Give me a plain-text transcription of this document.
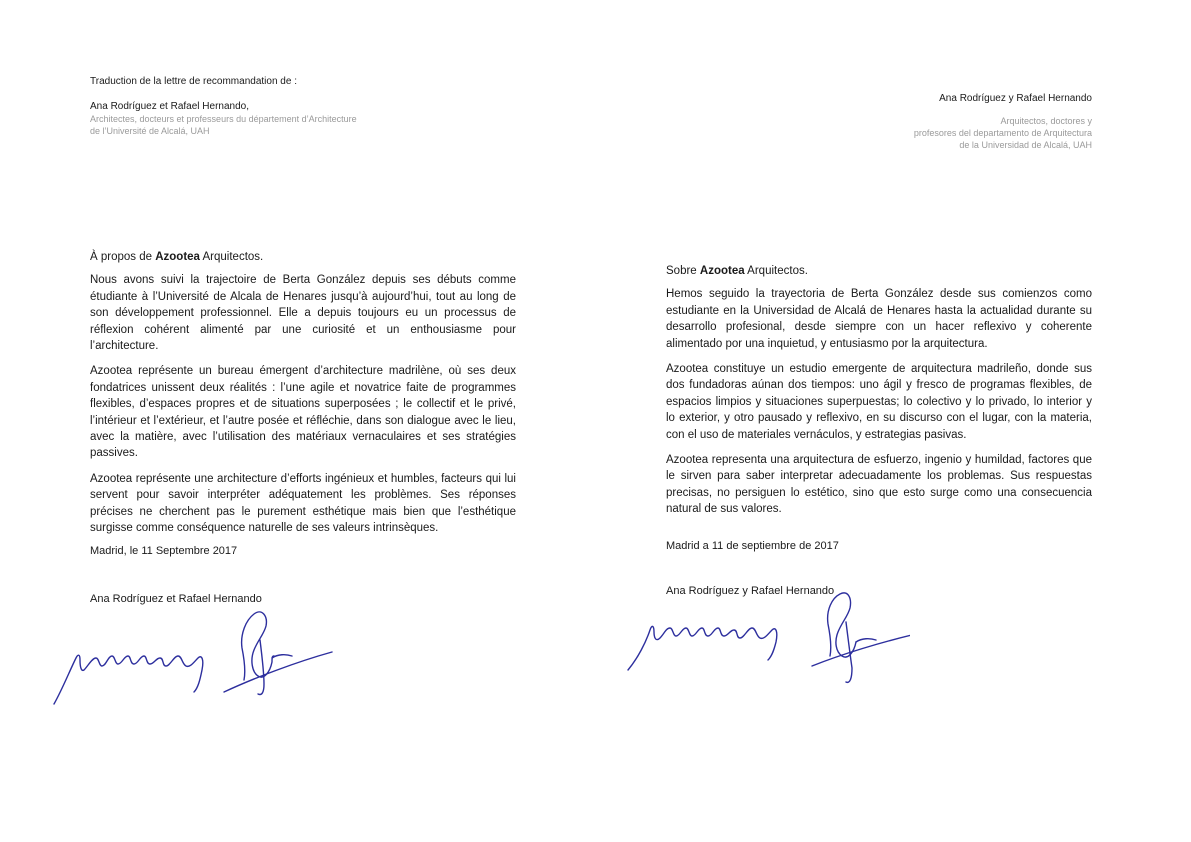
Traduction de la lettre de recommandation de :
Ana Rodríguez et Rafael Hernando,
Architectes, docteurs et professeurs du département d’Architecture
de l’Université de Alcalá, UAH

À propos de Azootea Arquitectos.

Nous avons suivi la trajectoire de Berta González depuis ses débuts comme étudiante à l’Université de Alcala de Henares jusqu’à aujourd’hui, tout au long de son développement professionnel. Elle a depuis toujours eu un processus de réflexion cohérent alimenté par une curiosité et un enthousiasme pour l’architecture.

Azootea représente un bureau émergent d’architecture madrilène, où ses deux fondatrices unissent deux réalités : l’une agile et novatrice faite de programmes flexibles, d’espaces propres et de situations superposées ; le collectif et le privé, l’intérieur et l’extérieur, et l’autre posée et réfléchie, dans son dialogue avec le lieu, avec la matière, avec l’utilisation des matériaux vernaculaires et ses stratégies passives.

Azootea représente une architecture d’efforts ingénieux et humbles, facteurs qui lui servent pour savoir interpréter adéquatement les problèmes. Ses réponses précises ne cherchent pas le purement esthétique mais bien que l’esthétique surgisse comme conséquence naturelle de ses valeurs intrinsèques.

Madrid, le 11 Septembre 2017
Ana Rodríguez et Rafael Hernando
Ana Rodríguez y Rafael Hernando
Arquitectos, doctores y
profesores del departamento de Arquitectura
de la Universidad de Alcalá, UAH

Sobre Azootea Arquitectos.

Hemos seguido la trayectoria de Berta González desde sus comienzos como estudiante en la Universidad de Alcalá de Henares hasta la actualidad durante su desarrollo profesional, desde siempre con un hacer reflexivo y coherente alimentado por una inquietud, y entusiasmo por la arquitectura.

Azootea constituye un estudio emergente de arquitectura madrileño, donde sus dos fundadoras aúnan dos tiempos: uno ágil y fresco de programas flexibles, de espacios limpios y situaciones superpuestas; lo colectivo y lo privado, lo interior y lo exterior, y otro pausado y reflexivo, en su discurso con el lugar, con la materia, con el uso de materiales vernáculos, y estrategias pasivas.

Azootea representa una arquitectura de esfuerzo, ingenio y humildad, factores que le sirven para saber interpretar adecuadamente los problemas. Sus respuestas precisas, no persiguen lo estético, sino que esto surge como una consecuencia natural de sus valores.

Madrid a 11 de septiembre de 2017
Ana Rodríguez y Rafael Hernando
